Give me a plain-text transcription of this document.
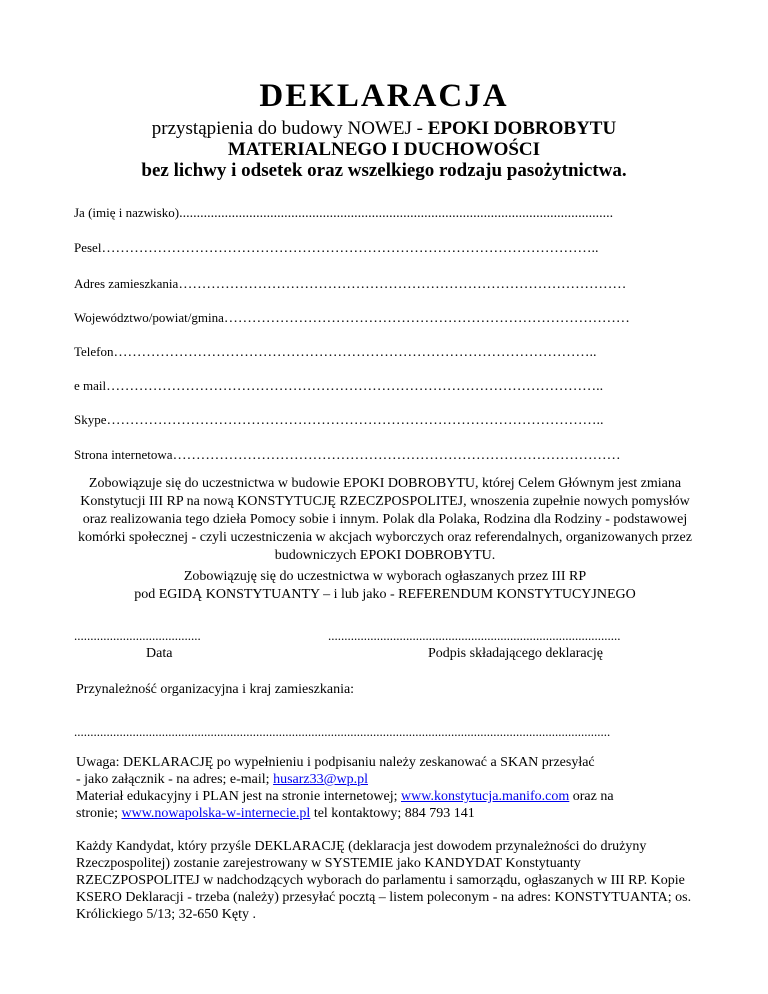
DEKLARACJA
przystąpienia do budowy NOWEJ - EPOKI DOBROBYTU
MATERIALNEGO I DUCHOWOŚCI
bez lichwy i odsetek oraz wszelkiego rodzaju pasożytnictwa.
Ja (imię i nazwisko)............................................................................................................................
Pesel……………………………………………………………………………………………..
Adres zamieszkania……………………………………………………………………………………
Województwo/powiat/gmina……………………………………………………………………………
Telefon…………………………………………………………………………………………..
e mail……………………………………………………………………………………………..
Skype……………………………………………………………………………………………..
Strona internetowa……………………………………………………………………………………
Zobowiązuje się do uczestnictwa w budowie EPOKI DOBROBYTU, której Celem Głównym jest zmiana Konstytucji III RP na nową KONSTYTUCJĘ RZECZPOSPOLITEJ, wnoszenia zupełnie nowych pomysłów oraz realizowania tego dzieła Pomocy sobie i innym. Polak dla Polaka, Rodzina dla Rodziny - podstawowej komórki społecznej - czyli uczestniczenia w akcjach wyborczych oraz referendalnych, organizowanych przez budowniczych EPOKI DOBROBYTU.
Zobowiązuję się do uczestnictwa w wyborach ogłaszanych przez III RP
pod EGIDĄ KONSTYTUANTY – i lub jako - REFERENDUM KONSTYTUCYJNEGO
.......................................
Data
..........................................................................................
Podpis składającego deklarację
Przynależność organizacyjna i kraj zamieszkania:
.....................................................................................................................................................................
Uwaga: DEKLARACJĘ po wypełnieniu i podpisaniu należy zeskanować a SKAN przesyłać
- jako załącznik - na adres; e-mail; husarz33@wp.pl
Materiał edukacyjny i PLAN jest na stronie internetowej; www.konstytucja.manifo.com oraz na
stronie; www.nowapolska-w-internecie.pl tel kontaktowy; 884 793 141
Każdy Kandydat, który przyśle DEKLARACJĘ (deklaracja jest dowodem przynależności do drużyny Rzeczpospolitej) zostanie zarejestrowany w SYSTEMIE jako KANDYDAT Konstytuanty RZECZPOSPOLITEJ w nadchodzących wyborach do parlamentu i samorządu, ogłaszanych w III RP. Kopie KSERO Deklaracji - trzeba (należy) przesyłać pocztą – listem poleconym - na adres: KONSTYTUANTA; os. Królickiego 5/13; 32-650 Kęty .
